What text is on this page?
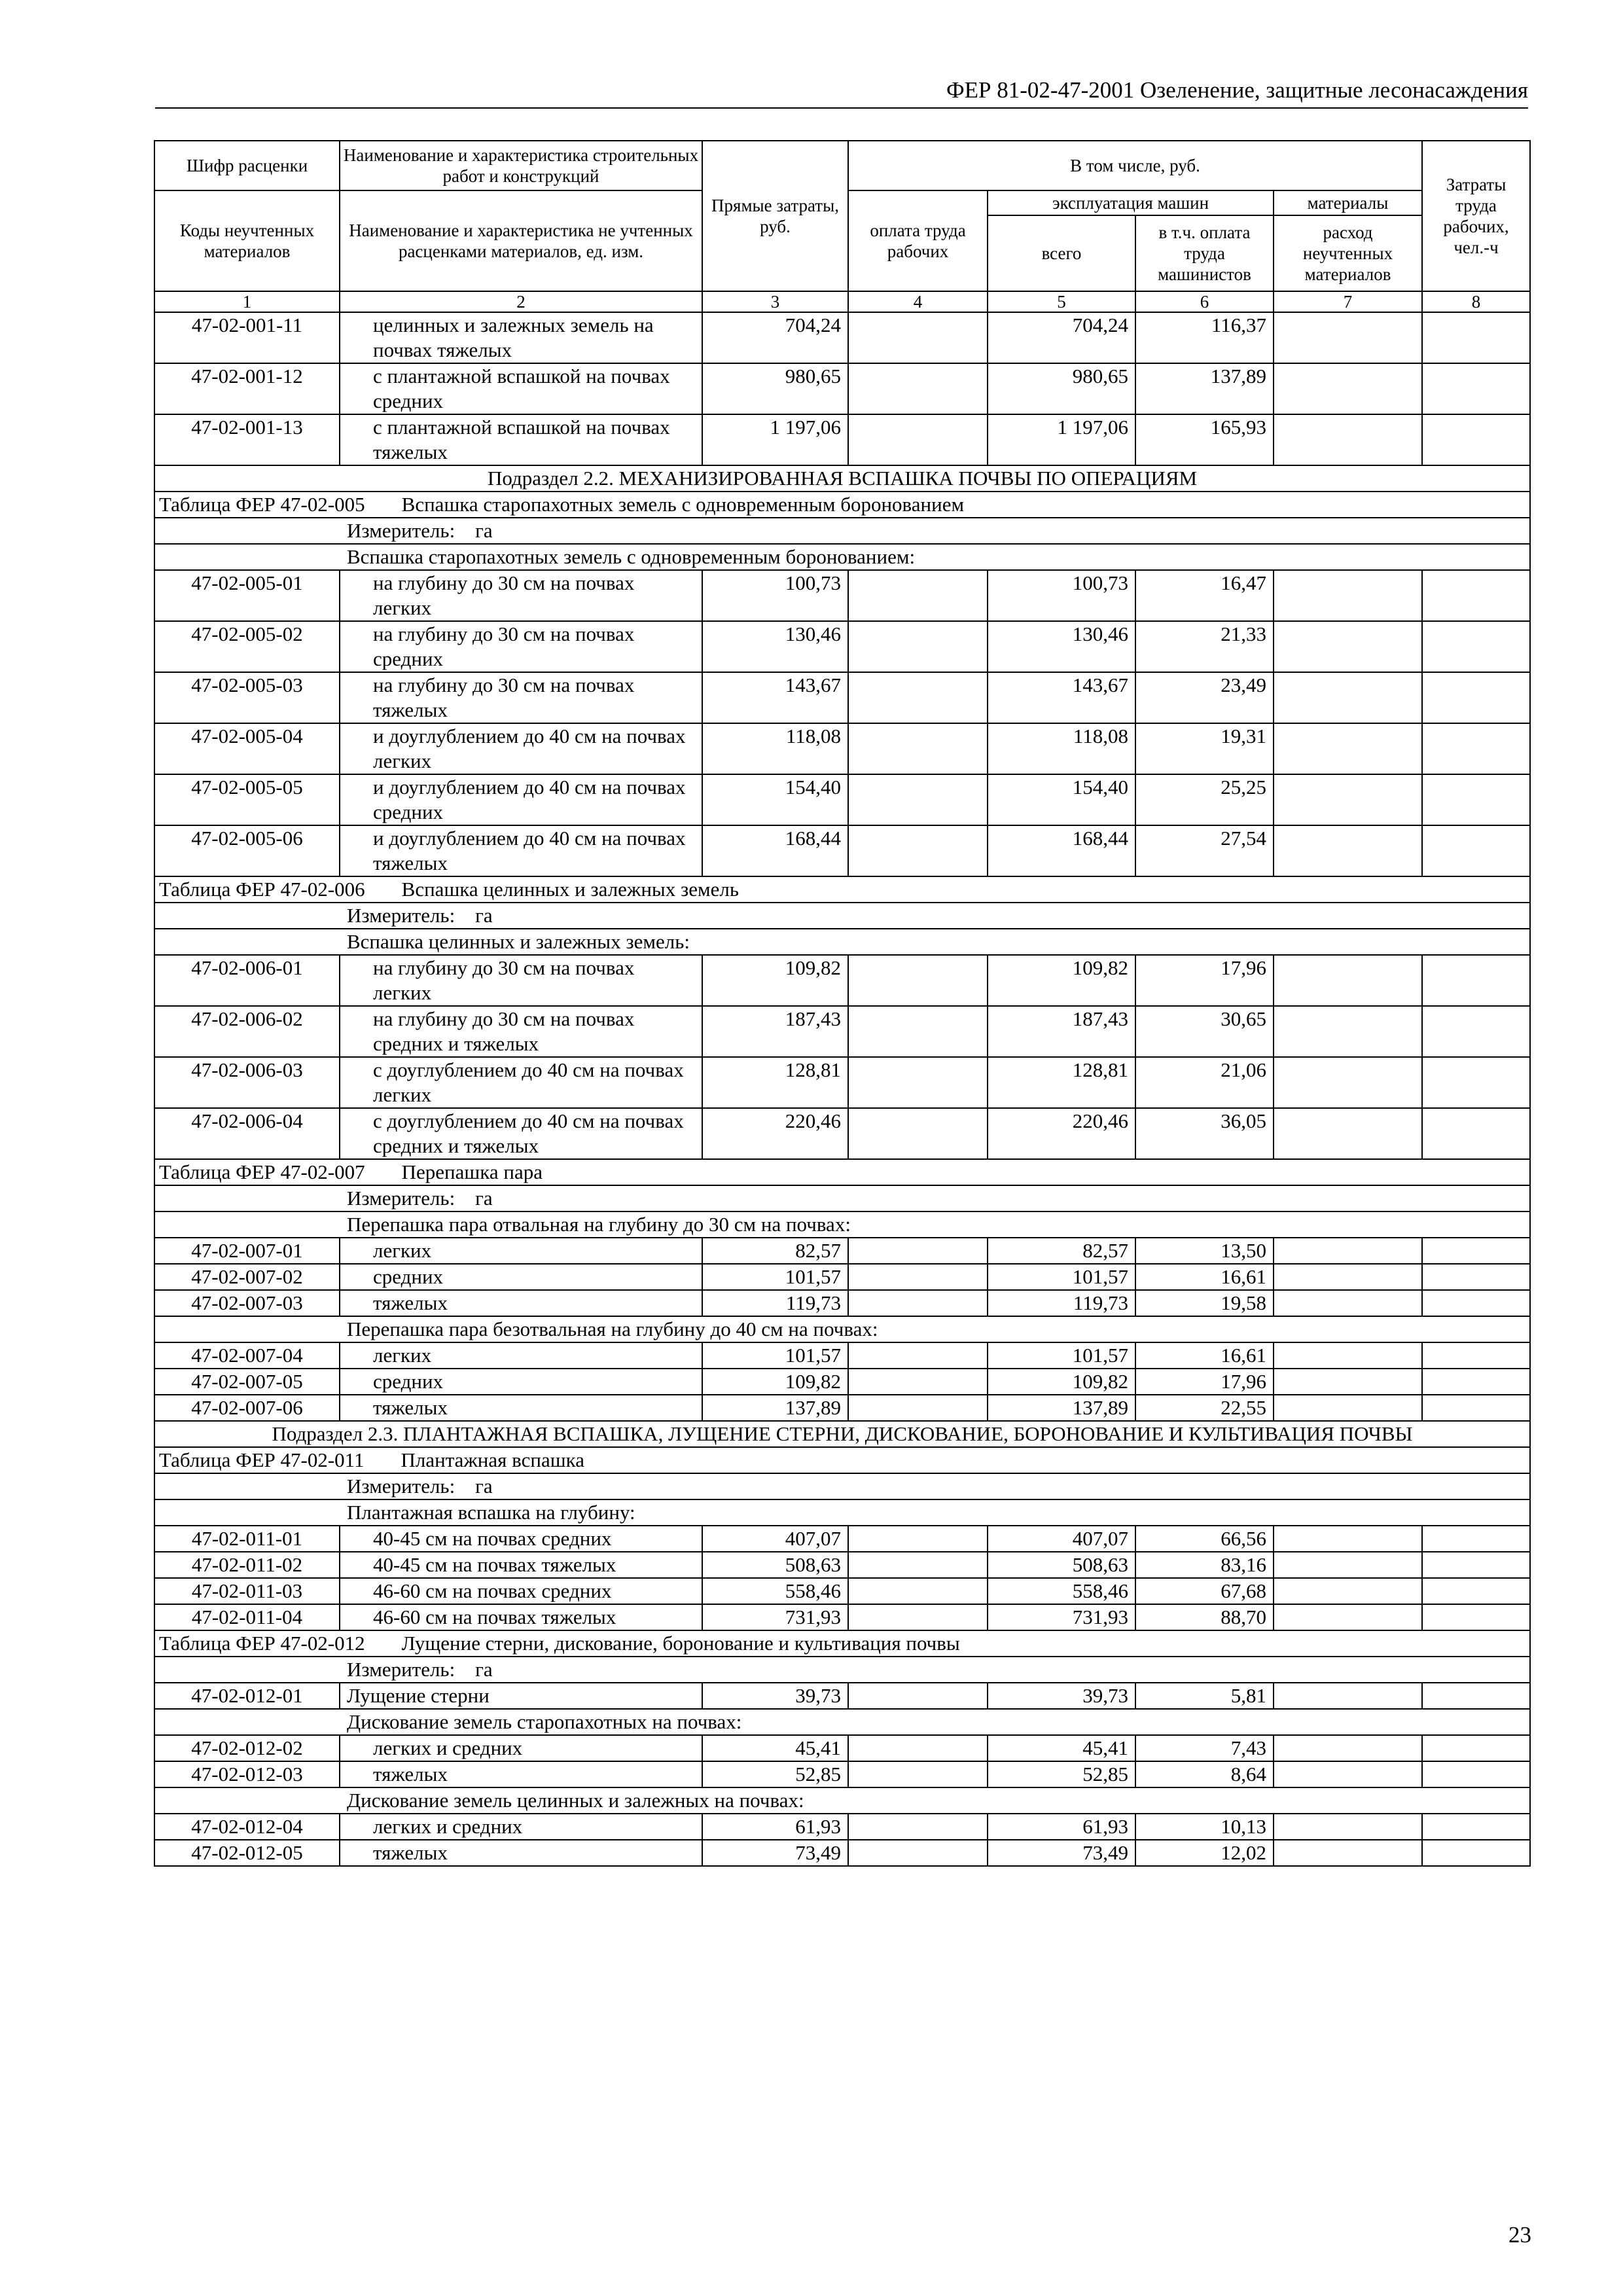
ФЕР 81-02-47-2001 Озеленение, защитные лесонасаждения
Шифр расценки	Наименование и характеристика строительных работ и конструкций	Прямые затраты, руб.	В том числе, руб.				Затраты труда рабочих, чел.-ч
Коды неучтенных материалов	Наименование и характеристика не учтенных расценками материалов, ед. изм.		оплата труда рабочих	эксплуатация машин		материалы	
				всего	в т.ч. оплата труда машинистов	расход неучтенных материалов	
1	2	3	4	5	6	7	8
47-02-001-11	целинных и залежных земель на почвах тяжелых	704,24		704,24	116,37		
47-02-001-12	с плантажной вспашкой на почвах средних	980,65		980,65	137,89		
47-02-001-13	с плантажной вспашкой на почвах тяжелых	1 197,06		1 197,06	165,93		
Подраздел 2.2. МЕХАНИЗИРОВАННАЯ ВСПАШКА ПОЧВЫ ПО ОПЕРАЦИЯМ							
Таблица ФЕР 47-02-005 Вспашка старопахотных земель с одновременным боронованием							
Измеритель:    га							
Вспашка старопахотных земель с одновременным боронованием:							
47-02-005-01	на глубину до 30 см на почвах легких	100,73		100,73	16,47		
47-02-005-02	на глубину до 30 см на почвах средних	130,46		130,46	21,33		
47-02-005-03	на глубину до 30 см на почвах тяжелых	143,67		143,67	23,49		
47-02-005-04	и доуглублением до 40 см на почвах легких	118,08		118,08	19,31		
47-02-005-05	и доуглублением до 40 см на почвах средних	154,40		154,40	25,25		
47-02-005-06	и доуглублением до 40 см на почвах тяжелых	168,44		168,44	27,54		
Таблица ФЕР 47-02-006 Вспашка целинных и залежных земель							
Измеритель:    га							
Вспашка целинных и залежных земель:							
47-02-006-01	на глубину до 30 см на почвах легких	109,82		109,82	17,96		
47-02-006-02	на глубину до 30 см на почвах средних и тяжелых	187,43		187,43	30,65		
47-02-006-03	с доуглублением до 40 см на почвах легких	128,81		128,81	21,06		
47-02-006-04	с доуглублением до 40 см на почвах средних и тяжелых	220,46		220,46	36,05		
Таблица ФЕР 47-02-007 Перепашка пара							
Измеритель:    га							
Перепашка пара отвальная на глубину до 30 см на почвах:							
47-02-007-01	легких	82,57		82,57	13,50		
47-02-007-02	средних	101,57		101,57	16,61		
47-02-007-03	тяжелых	119,73		119,73	19,58		
Перепашка пара безотвальная на глубину до 40 см на почвах:							
47-02-007-04	легких	101,57		101,57	16,61		
47-02-007-05	средних	109,82		109,82	17,96		
47-02-007-06	тяжелых	137,89		137,89	22,55		
Подраздел 2.3. ПЛАНТАЖНАЯ ВСПАШКА, ЛУЩЕНИЕ СТЕРНИ, ДИСКОВАНИЕ, БОРОНОВАНИЕ И КУЛЬТИВАЦИЯ ПОЧВЫ							
Таблица ФЕР 47-02-011 Плантажная вспашка							
Измеритель:    га							
Плантажная вспашка на глубину:							
47-02-011-01	40-45 см на почвах средних	407,07		407,07	66,56		
47-02-011-02	40-45 см на почвах тяжелых	508,63		508,63	83,16		
47-02-011-03	46-60 см на почвах средних	558,46		558,46	67,68		
47-02-011-04	46-60 см на почвах тяжелых	731,93		731,93	88,70		
Таблица ФЕР 47-02-012 Лущение стерни, дискование, боронование и культивация почвы							
Измеритель:    га							
47-02-012-01	Лущение стерни	39,73		39,73	5,81		
Дискование земель старопахотных на почвах:							
47-02-012-02	легких и средних	45,41		45,41	7,43		
47-02-012-03	тяжелых	52,85		52,85	8,64		
Дискование земель целинных и залежных на почвах:							
47-02-012-04	легких и средних	61,93		61,93	10,13		
47-02-012-05	тяжелых	73,49		73,49	12,02		
23
